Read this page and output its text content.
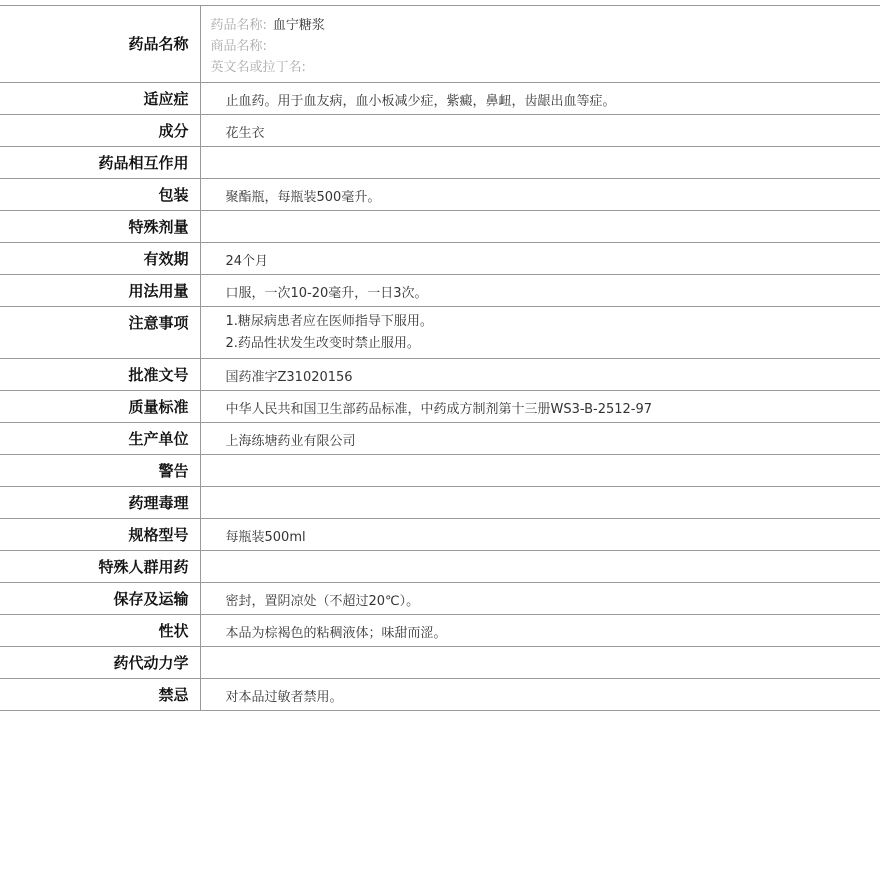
药品名称	药品名称: 血宁糖浆
商品名称:
英文名或拉丁名:

适应症	止血药。用于血友病，血小板减少症，紫癜，鼻衄，齿龈出血等症。
成分	花生衣
药品相互作用	
包装	聚酯瓶，每瓶装500毫升。
特殊剂量	
有效期	24个月
用法用量	口服，一次10-20毫升，一日3次。
注意事项	1.糖尿病患者应在医师指导下服用。
2.药品性状发生改变时禁止服用。

批准文号	国药准字Z31020156
质量标准	中华人民共和国卫生部药品标准，中药成方制剂第十三册WS3-B-2512-97
生产单位	上海练塘药业有限公司
警告	
药理毒理	
规格型号	每瓶装500ml
特殊人群用药	
保存及运输	密封，置阴凉处（不超过20℃）。
性状	本品为棕褐色的粘稠液体；味甜而涩。
药代动力学	
禁忌	对本品过敏者禁用。
